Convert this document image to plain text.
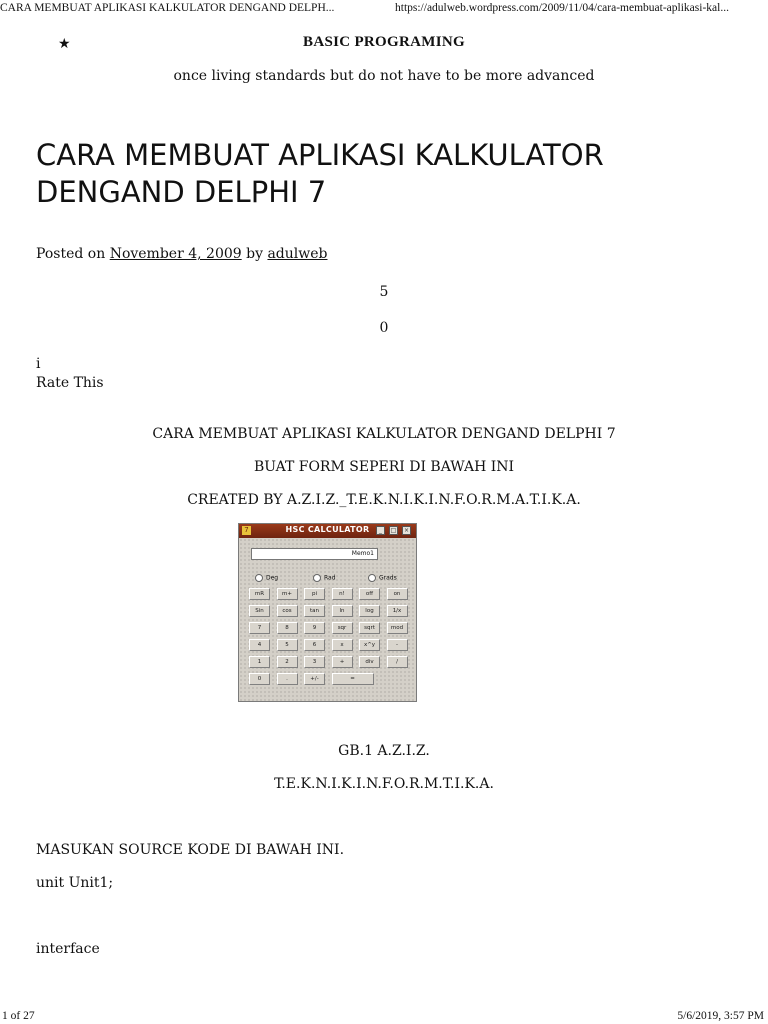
CARA MEMBUAT APLIKASI KALKULATOR DENGAND DELPH...	https://adulweb.wordpress.com/2009/11/04/cara-membuat-aplikasi-kal...
★	BASIC PROGRAMING
once living standards but do not have to be more advanced
CARA MEMBUAT APLIKASI KALKULATOR DENGAND DELPHI 7
Posted on November 4, 2009 by adulweb
5
0
i
Rate This
CARA MEMBUAT APLIKASI KALKULATOR DENGAND DELPHI 7
BUAT FORM SEPERI DI BAWAH INI
CREATED BY A.Z.I.Z._T.E.K.N.I.K.I.N.F.O.R.M.A.T.I.K.A.
7	HSC CALCULATOR	_	□	×
Memo1
Deg	Rad	Grads
mR	m+	pi	n!	off	on
Sin	cos	tan	ln	log	1/x
7	8	9	sqr	sqrt	mod
4	5	6	x	x^y	-
1	2	3	+	div	/
0	.	+/-	=
GB.1 A.Z.I.Z.
T.E.K.N.I.K.I.N.F.O.R.M.T.I.K.A.
MASUKAN SOURCE KODE DI BAWAH INI.
unit Unit1;
interface
1 of 27	5/6/2019, 3:57 PM
